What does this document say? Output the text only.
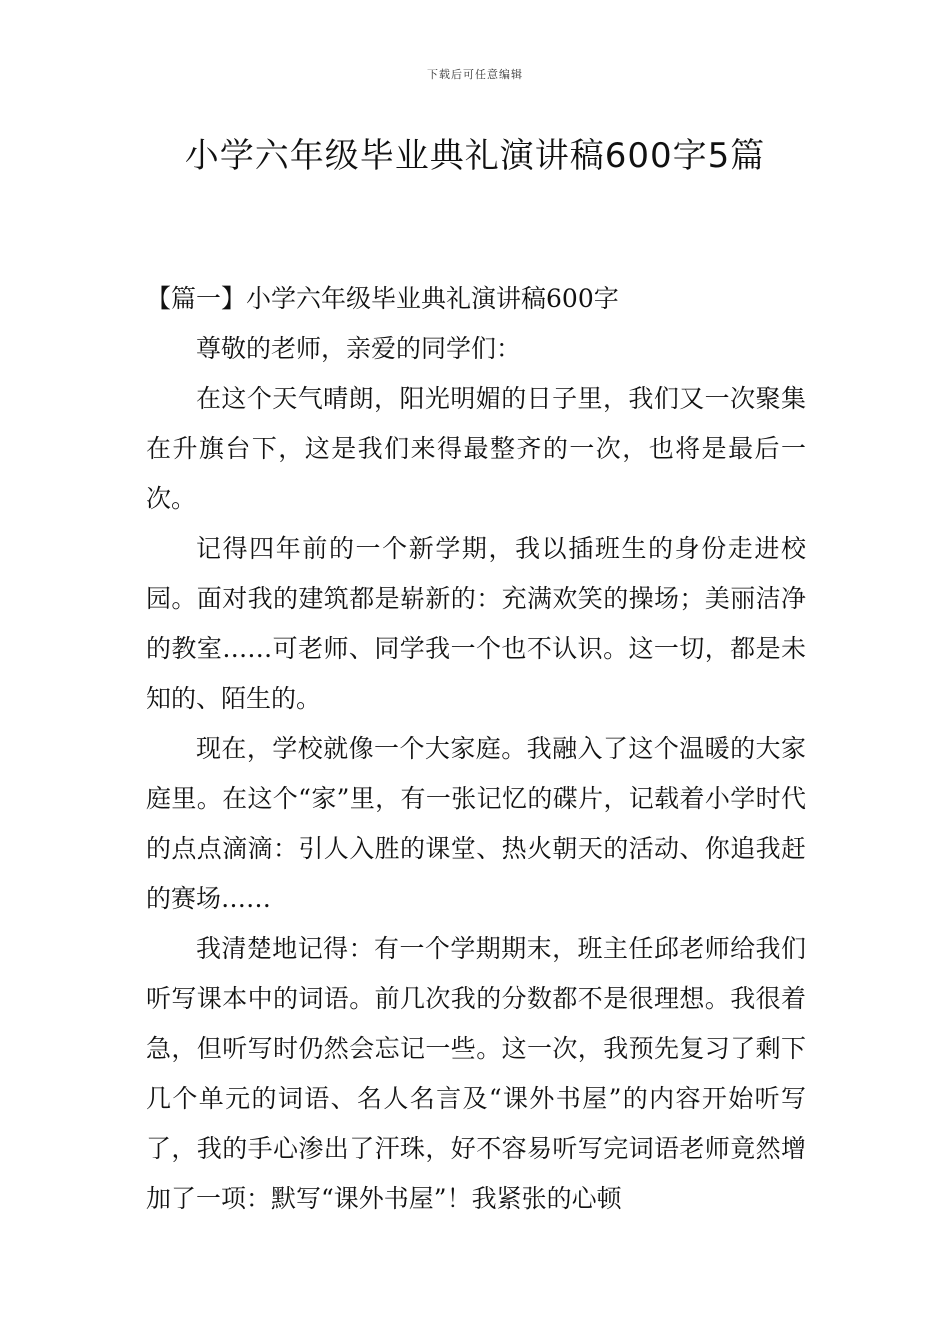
下载后可任意编辑
小学六年级毕业典礼演讲稿600字5篇
【篇一】小学六年级毕业典礼演讲稿600字

尊敬的老师，亲爱的同学们：

在这个天气晴朗，阳光明媚的日子里，我们又一次聚集在升旗台下，这是我们来得最整齐的一次，也将是最后一次。

记得四年前的一个新学期，我以插班生的身份走进校园。面对我的建筑都是崭新的：充满欢笑的操场；美丽洁净的教室……可老师、同学我一个也不认识。这一切，都是未知的、陌生的。

现在，学校就像一个大家庭。我融入了这个温暖的大家庭里。在这个“家”里，有一张记忆的碟片，记载着小学时代的点点滴滴：引人入胜的课堂、热火朝天的活动、你追我赶的赛场……

我清楚地记得：有一个学期期末，班主任邱老师给我们听写课本中的词语。前几次我的分数都不是很理想。我很着急，但听写时仍然会忘记一些。这一次，我预先复习了剩下几个单元的词语、名人名言及“课外书屋”的内容开始听写了，我的手心渗出了汗珠，好不容易听写完词语老师竟然增加了一项：默写“课外书屋”！我紧张的心顿
